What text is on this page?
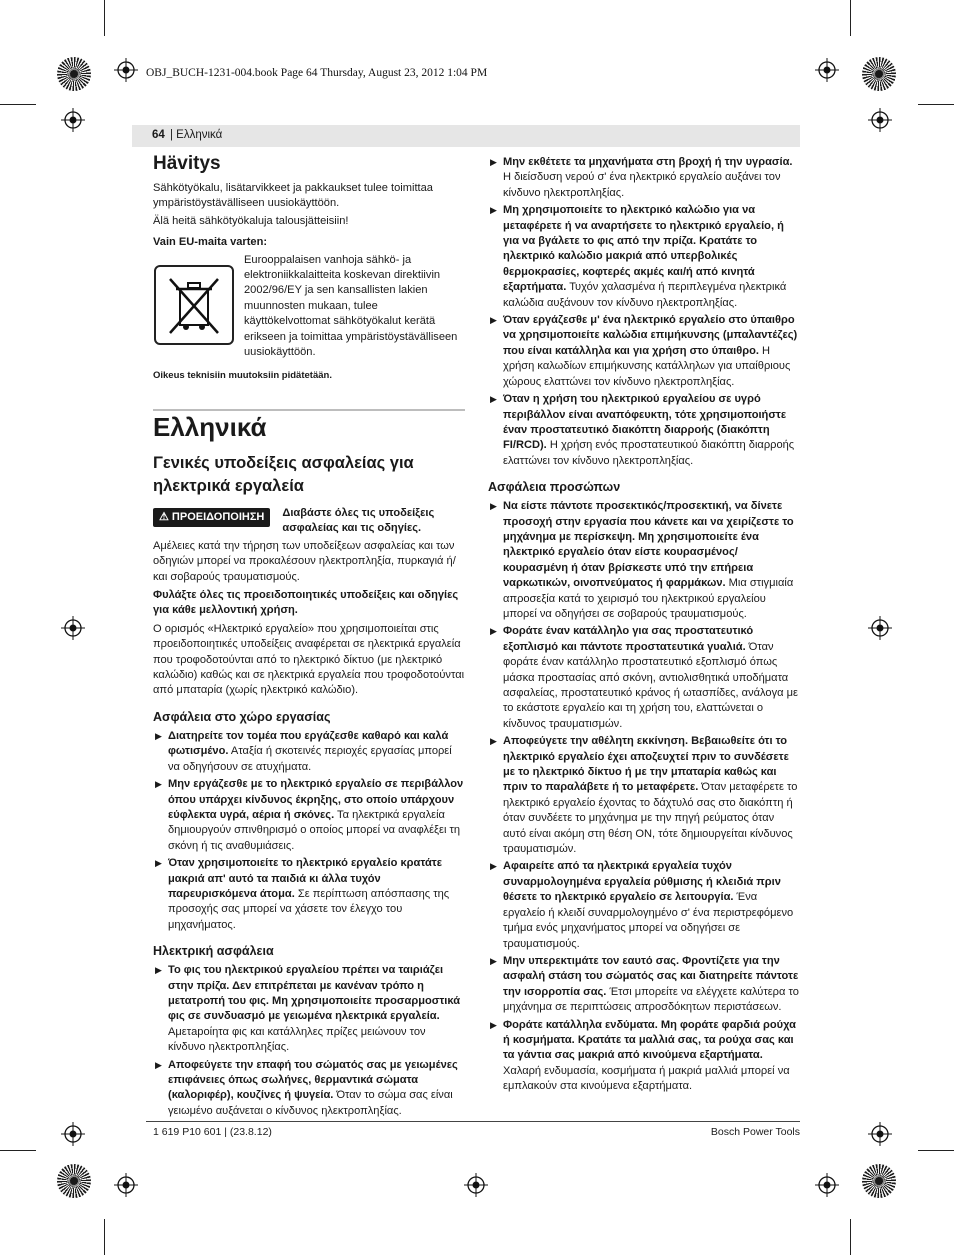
OBJ_BUCH-1231-004.book Page 64 Thursday, August 23, 2012 1:04 PM
64 | Ελληνικά
Hävitys

Sähkötyökalu, lisätarvikkeet ja pakkaukset tulee toimittaa ympäristöystävälliseen uusiokäyttöön.

Älä heitä sähkötyökaluja talousjätteisiin!

Vain EU-maita varten:

Eurooppalaisen vanhoja sähkö- ja elektroniikkalaitteita koskevan direktiivin 2002/96/EY ja sen kansallisten lakien muunnosten mukaan, tulee käyttökelvottomat sähkötyökalut kerätä erikseen ja toimittaa ympäristöystävälliseen uusiokäyttöön.

Oikeus teknisiin muutoksiin pidätetään.

Ελληνικά
Γενικές υποδείξεις ασφαλείας για ηλεκτρικά εργαλεία
⚠ ΠΡΟΕΙΔΟΠΟΙΗΣΗ	Διαβάστε όλες τις υποδείξεις ασφαλείας και τις οδηγίες.

Αμέλειες κατά την τήρηση των υποδείξεων ασφαλείας και των οδηγιών μπορεί να προκαλέσουν ηλεκτροπληξία, πυρκαγιά ή/και σοβαρούς τραυματισμούς.

Φυλάξτε όλες τις προειδοποιητικές υποδείξεις και οδηγίες για κάθε μελλοντική χρήση.

Ο ορισμός «Ηλεκτρικό εργαλείο» που χρησιμοποιείται στις προειδοποιητικές υποδείξεις αναφέρεται σε ηλεκτρικά εργαλεία που τροφοδοτούνται από το ηλεκτρικό δίκτυο (με ηλεκτρικό καλώδιο) καθώς και σε ηλεκτρικά εργαλεία που τροφοδοτούνται από μπαταρία (χωρίς ηλεκτρικό καλώδιο).

Ασφάλεια στο χώρο εργασίας
▶ Διατηρείτε τον τομέα που εργάζεσθε καθαρό και καλά φωτισμένο. Αταξία ή σκοτεινές περιοχές εργασίας μπορεί να οδηγήσουν σε ατυχήματα.
▶ Μην εργάζεσθε με το ηλεκτρικό εργαλείο σε περιβάλλον όπου υπάρχει κίνδυνος έκρηξης, στο οποίο υπάρχουν εύφλεκτα υγρά, αέρια ή σκόνες. Τα ηλεκτρικά εργαλεία δημιουργούν σπινθηρισμό ο οποίος μπορεί να αναφλέξει τη σκόνη ή τις αναθυμιάσεις.
▶ Όταν χρησιμοποιείτε το ηλεκτρικό εργαλείο κρατάτε μακριά απ' αυτό τα παιδιά κι άλλα τυχόν παρευρισκόμενα άτομα. Σε περίπτωση απόσπασης της προσοχής σας μπορεί να χάσετε τον έλεγχο του μηχανήματος.
Ηλεκτρική ασφάλεια
▶ Το φις του ηλεκτρικού εργαλείου πρέπει να ταιριάζει στην πρίζα. Δεν επιτρέπεται με κανέναν τρόπο η μετατροπή του φις. Μη χρησιμοποιείτε προσαρμοστικά φις σε συνδυασμό με γειωμένα ηλεκτρικά εργαλεία. Αμετapoίητα φις και κατάλληλες πρίζες μειώνουν τον κίνδυνο ηλεκτροπληξίας.
▶ Αποφεύγετε την επαφή του σώματός σας με γειωμένες επιφάνειες όπως σωλήνες, θερμαντικά σώματα (καλοριφέρ), κουζίνες ή ψυγεία. Όταν το σώμα σας είναι γειωμένο αυξάνεται ο κίνδυνος ηλεκτροπληξίας.
▶ Μην εκθέτετε τα μηχανήματα στη βροχή ή την υγρασία. Η διείσδυση νερού σ' ένα ηλεκτρικό εργαλείο αυξάνει τον κίνδυνο ηλεκτροπληξίας.
▶ Μη χρησιμοποιείτε το ηλεκτρικό καλώδιο για να μεταφέρετε ή να αναρτήσετε το ηλεκτρικό εργαλείο, ή για να βγάλετε το φις από την πρίζα. Κρατάτε το ηλεκτρικό καλώδιο μακριά από υπερβολικές θερμοκρασίες, κοφτερές ακμές και/ή από κινητά εξαρτήματα. Τυχόν χαλασμένα ή περιπλεγμένα ηλεκτρικά καλώδια αυξάνουν τον κίνδυνο ηλεκτροπληξίας.
▶ Όταν εργάζεσθε μ' ένα ηλεκτρικό εργαλείο στο ύπαιθρο να χρησιμοποιείτε καλώδια επιμήκυνσης (μπαλαντέζες) που είναι κατάλληλα και για χρήση στο ύπαιθρο. Η χρήση καλωδίων επιμήκυνσης κατάλληλων για υπαίθριους χώρους ελαττώνει τον κίνδυνο ηλεκτροπληξίας.
▶ Όταν η χρήση του ηλεκτρικού εργαλείου σε υγρό περιβάλλον είναι αναπόφευκτη, τότε χρησιμοποιήστε έναν προστατευτικό διακόπτη διαρροής (διακόπτη FI/RCD). Η χρήση ενός προστατευτικού διακόπτη διαρροής ελαττώνει τον κίνδυνο ηλεκτροπληξίας.
Ασφάλεια προσώπων
▶ Να είστε πάντοτε προσεκτικός/προσεκτική, να δίνετε προσοχή στην εργασία που κάνετε και να χειρίζεστε το μηχάνημα με περίσκεψη. Μη χρησιμοποιείτε ένα ηλεκτρικό εργαλείο όταν είστε κουρασμένος/κουρασμένη ή όταν βρίσκεστε υπό την επήρεια ναρκωτικών, οινοπνεύματος ή φαρμάκων. Μια στιγμιαία απροσεξία κατά το χειρισμό του ηλεκτρικού εργαλείου μπορεί να οδηγήσει σε σοβαρούς τραυματισμούς.
▶ Φοράτε έναν κατάλληλο για σας προστατευτικό εξοπλισμό και πάντοτε προστατευτικά γυαλιά. Όταν φοράτε έναν κατάλληλο προστατευτικό εξοπλισμό όπως μάσκα προστασίας από σκόνη, αντιολισθητικά υποδήματα ασφαλείας, προστατευτικό κράνος ή ωτασπίδες, ανάλογα με το εκάστοτε εργαλείο και τη χρήση του, ελαττώνεται ο κίνδυνος τραυματισμών.
▶ Αποφεύγετε την αθέλητη εκκίνηση. Βεβαιωθείτε ότι το ηλεκτρικό εργαλείο έχει αποζευχτεί πριν το συνδέσετε με το ηλεκτρικό δίκτυο ή με την μπαταρία καθώς και πριν το παραλάβετε ή το μεταφέρετε. Όταν μεταφέρετε το ηλεκτρικό εργαλείο έχοντας το δάχτυλό σας στο διακόπτη ή όταν συνδέετε το μηχάνημα με την πηγή ρεύματος όταν αυτό είναι ακόμη στη θέση ON, τότε δημιουργείται κίνδυνος τραυματισμών.
▶ Αφαιρείτε από τα ηλεκτρικά εργαλεία τυχόν συναρμολογημένα εργαλεία ρύθμισης ή κλειδιά πριν θέσετε το ηλεκτρικό εργαλείο σε λειτουργία. Ένα εργαλείο ή κλειδί συναρμολογημένο σ' ένα περιστρεφόμενο τμήμα ενός μηχανήματος μπορεί να οδηγήσει σε τραυματισμούς.
▶ Μην υπερεκτιμάτε τον εαυτό σας. Φροντίζετε για την ασφαλή στάση του σώματός σας και διατηρείτε πάντοτε την ισορροπία σας. Έτσι μπορείτε να ελέγχετε καλύτερα το μηχάνημα σε περιπτώσεις απροσδόκητων περιστάσεων.
▶ Φοράτε κατάλληλα ενδύματα. Μη φοράτε φαρδιά ρούχα ή κοσμήματα. Κρατάτε τα μαλλιά σας, τα ρούχα σας και τα γάντια σας μακριά από κινούμενα εξαρτήματα. Χαλαρή ενδυμασία, κοσμήματα ή μακριά μαλλιά μπορεί να εμπλακούν στα κινούμενα εξαρτήματα.
1 619 P10 601 | (23.8.12)	Bosch Power Tools
